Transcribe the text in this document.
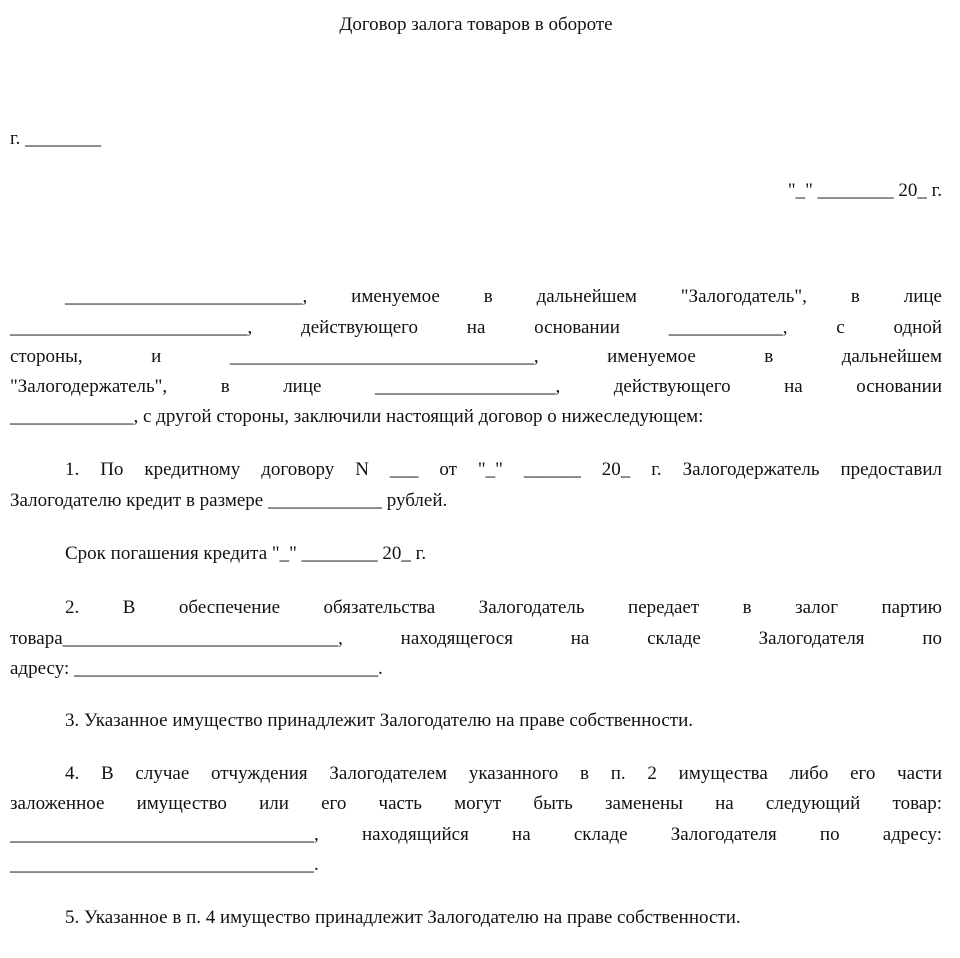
Договор залога товаров в обороте
г. ________
"_" ________ 20_ г.
_________________________, именуемое в дальнейшем "Залогодатель", в лице
_________________________, действующего на основании ____________, с одной
стороны, и ________________________________, именуемое в дальнейшем
"Залогодержатель", в лице ___________________, действующего на основании
_____________, с другой стороны, заключили настоящий договор о нижеследующем:
1. По кредитному договору N ___ от "_" ______ 20_ г. Залогодержатель предоставил
Залогодателю кредит в размере ____________ рублей.
Срок погашения кредита "_" ________ 20_ г.
2. В обеспечение обязательства Залогодатель передает в залог партию
товара_____________________________, находящегося на складе Залогодателя по
адресу: ________________________________.
3. Указанное имущество принадлежит Залогодателю на праве собственности.
4. В случае отчуждения Залогодателем указанного в п. 2 имущества либо его части
заложенное имущество или его часть могут быть заменены на следующий товар:
________________________________, находящийся на складе Залогодателя по адресу:
________________________________.
5. Указанное в п. 4 имущество принадлежит Залогодателю на праве собственности.
